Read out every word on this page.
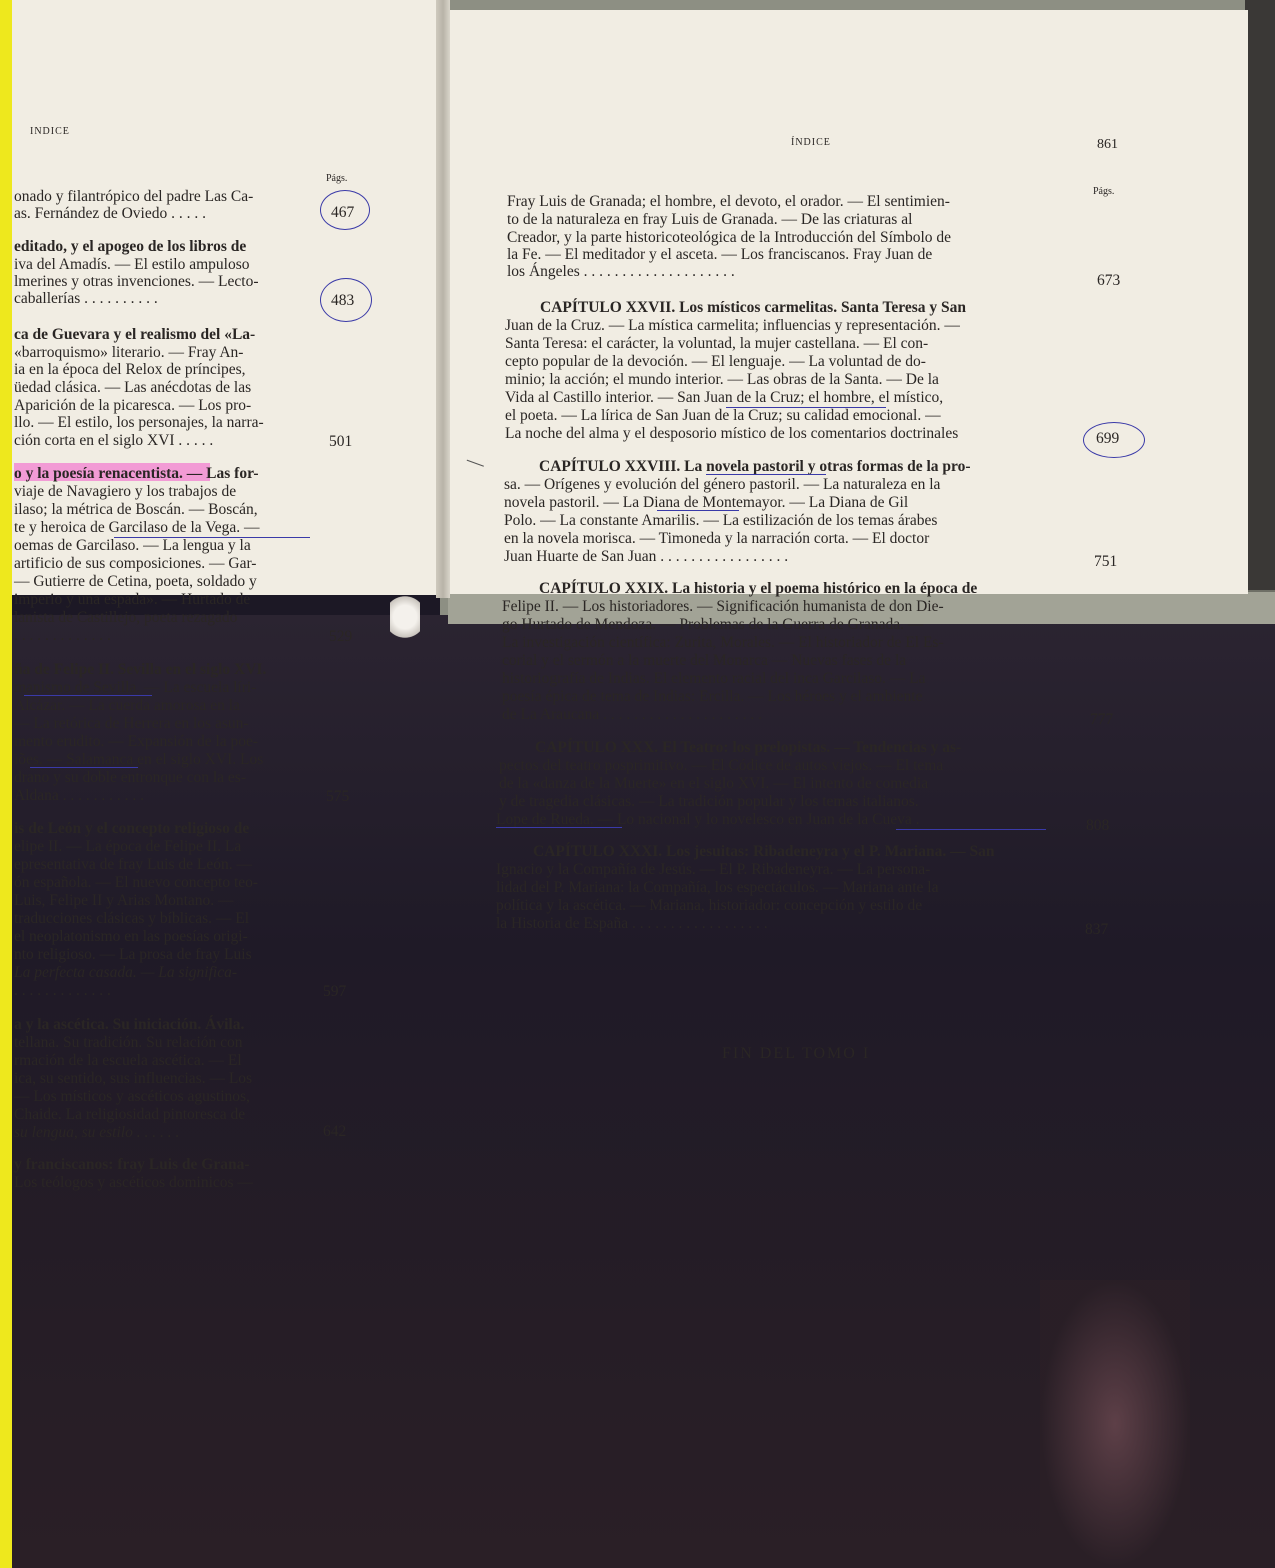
INDICE
Págs.
onado y filantrópico del padre Las Ca-
as. Fernández de Oviedo . . . . .
editado, y el apogeo de los libros de
iva del Amadís. — El estilo ampuloso
lmerines y otras invenciones. — Lecto-
caballerías . . . . . . . . . .
ca de Guevara y el realismo del «La-
«barroquismo» literario. — Fray An-
ia en la época del Relox de príncipes,
üedad clásica. — Las anécdotas de las
Aparición de la picaresca. — Los pro-
llo. — El estilo, los personajes, la narra-
ción corta en el siglo XVI . . . . .
o y la poesía renacentista. — Las for-
viaje de Navagiero y los trabajos de
ilaso; la métrica de Boscán. — Boscán,
te y heroica de Garcilaso de la Vega. —
oemas de Garcilaso. — La lengua y la
artificio de sus composiciones. — Gar-
— Gutierre de Cetina, poeta, soldado y
imperio y una espada». — Hurtado de
lanista de Castillejo, poeta rezagado
. . . . . . . . . . . . .
ña de Felipe II. Sevilla en el siglo XVI.
manismo de Sevilla. — La escuela líri-
Alcázar. — La cuerda amorosa en la
— La retórica de Herrera en los asun-
mento erudito. — Expansión de la poe-
iões. — Salamanca en el siglo XVI. Los
drano y su doble entronque con la es-
Aldana . . . . . . . . . . .
is de León y el concepto religioso de
elipe II. — La época de Felipe II. La
epresentativa de fray Luis de León. —
ón española. — El nuevo concepto teo-
Luis, Felipe II y Arias Montano. —
traducciones clásicas y bíblicas. — El
el neoplatonismo en las poesías origi-
nto religioso. — La prosa de fray Luis
La perfecta casada. — La significa-
. . . . . . . . . . . . .
a y la ascética. Su iniciación. Ávila.
tellana. Su tradición. Su relación con
rmación de la escuela ascética. — El
ica, su sentido, sus influencias. — Los
— Los místicos y ascéticos agustinos,
Chaide. La religiosidad pintoresca de
su lengua, su estilo . . . . . .
y franciscanos: fray Luis de Grana-
Los teólogos y ascéticos dominicos —
467
483
501
529
575
597
642
ÍNDICE	861
Págs.
Fray Luis de Granada; el hombre, el devoto, el orador. — El sentimien-
to de la naturaleza en fray Luis de Granada. — De las criaturas al
Creador, y la parte historicoteológica de la Introducción del Símbolo de
la Fe. — El meditador y el asceta. — Los franciscanos. Fray Juan de
los Ángeles . . . . . . . . . . . . . . . . . . . .
CAPÍTULO XXVII. Los místicos carmelitas. Santa Teresa y San
Juan de la Cruz. — La mística carmelita; influencias y representación. —
Santa Teresa: el carácter, la voluntad, la mujer castellana. — El con-
cepto popular de la devoción. — El lenguaje. — La voluntad de do-
minio; la acción; el mundo interior. — Las obras de la Santa. — De la
Vida al Castillo interior. — San Juan de la Cruz; el hombre, el místico,
el poeta. — La lírica de San Juan de la Cruz; su calidad emocional. —
La noche del alma y el desposorio místico de los comentarios doctrinales
CAPÍTULO XXVIII. La novela pastoril y otras formas de la pro-
sa. — Orígenes y evolución del género pastoril. — La naturaleza en la
novela pastoril. — La Diana de Montemayor. — La Diana de Gil
Polo. — La constante Amarilis. — La estilización de los temas árabes
en la novela morisca. — Timoneda y la narración corta. — El doctor
Juan Huarte de San Juan . . . . . . . . . . . . . . . . .
CAPÍTULO XXIX. La historia y el poema histórico en la época de
Felipe II. — Los historiadores. — Significación humanista de don Die-
go Hurtado de Mendoza. — Problemas de la Guerra de Granada. —
La investigación científica: Zurita, Morales. — El historiador de El Es-
corial y el sermón a la muerte del Monarca — Nuevas fases de la
historiografía de Indias. El elemento racial del inca Garcilaso. — La
poesía épica de tema de Indias: Ercilla. — Los héroes y el ambiente
de La Araucana . . . . . . . . . . . . . . . . . . . . .
CAPÍTULO XXX. El Teatro: los prelopistas. — Tendencias y as-
pectos del teatro posprimitivo. — El Códice de autos viejos. — El tema
de la «danza de la Muerte» en el siglo XVI. — El intento de comedia
y de tragedia clásicas. — La tradición popular y los temas italianos.
Lope de Rueda. — Lo nacional y lo novelesco en Juan de la Cueva .
CAPÍTULO XXXI. Los jesuitas: Ribadeneyra y el P. Mariana. — San
Ignacio y la Compañía de Jesús. — El P. Ribadeneyra. — La persona-
lidad del P. Mariana: la Compañía, los espectáculos. — Mariana ante la
política y la ascética. — Mariana, historiador: concepción y estilo de
la Historia de España . . . . . . . . . . . . . . . . . .
673
699
751
777
808
837
FIN DEL TOMO I
